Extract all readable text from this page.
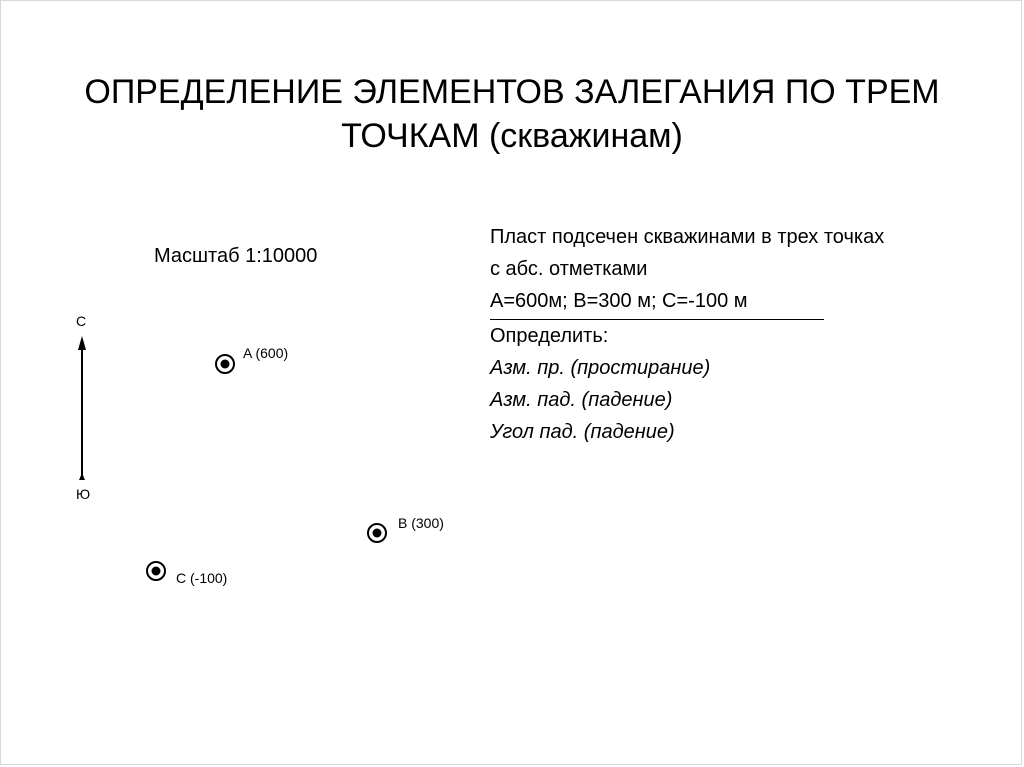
ОПРЕДЕЛЕНИЕ ЭЛЕМЕНТОВ ЗАЛЕГАНИЯ ПО ТРЕМ
ТОЧКАМ (скважинам)
Масштаб 1:10000
Пласт подсечен скважинами в трех точках
с абс. отметками
А=600м; В=300 м; С=-100 м
Определить:
Азм. пр. (простирание)
Азм. пад. (падение)
Угол пад. (падение)
С
Ю
A (600)
B (300)
C (-100)
